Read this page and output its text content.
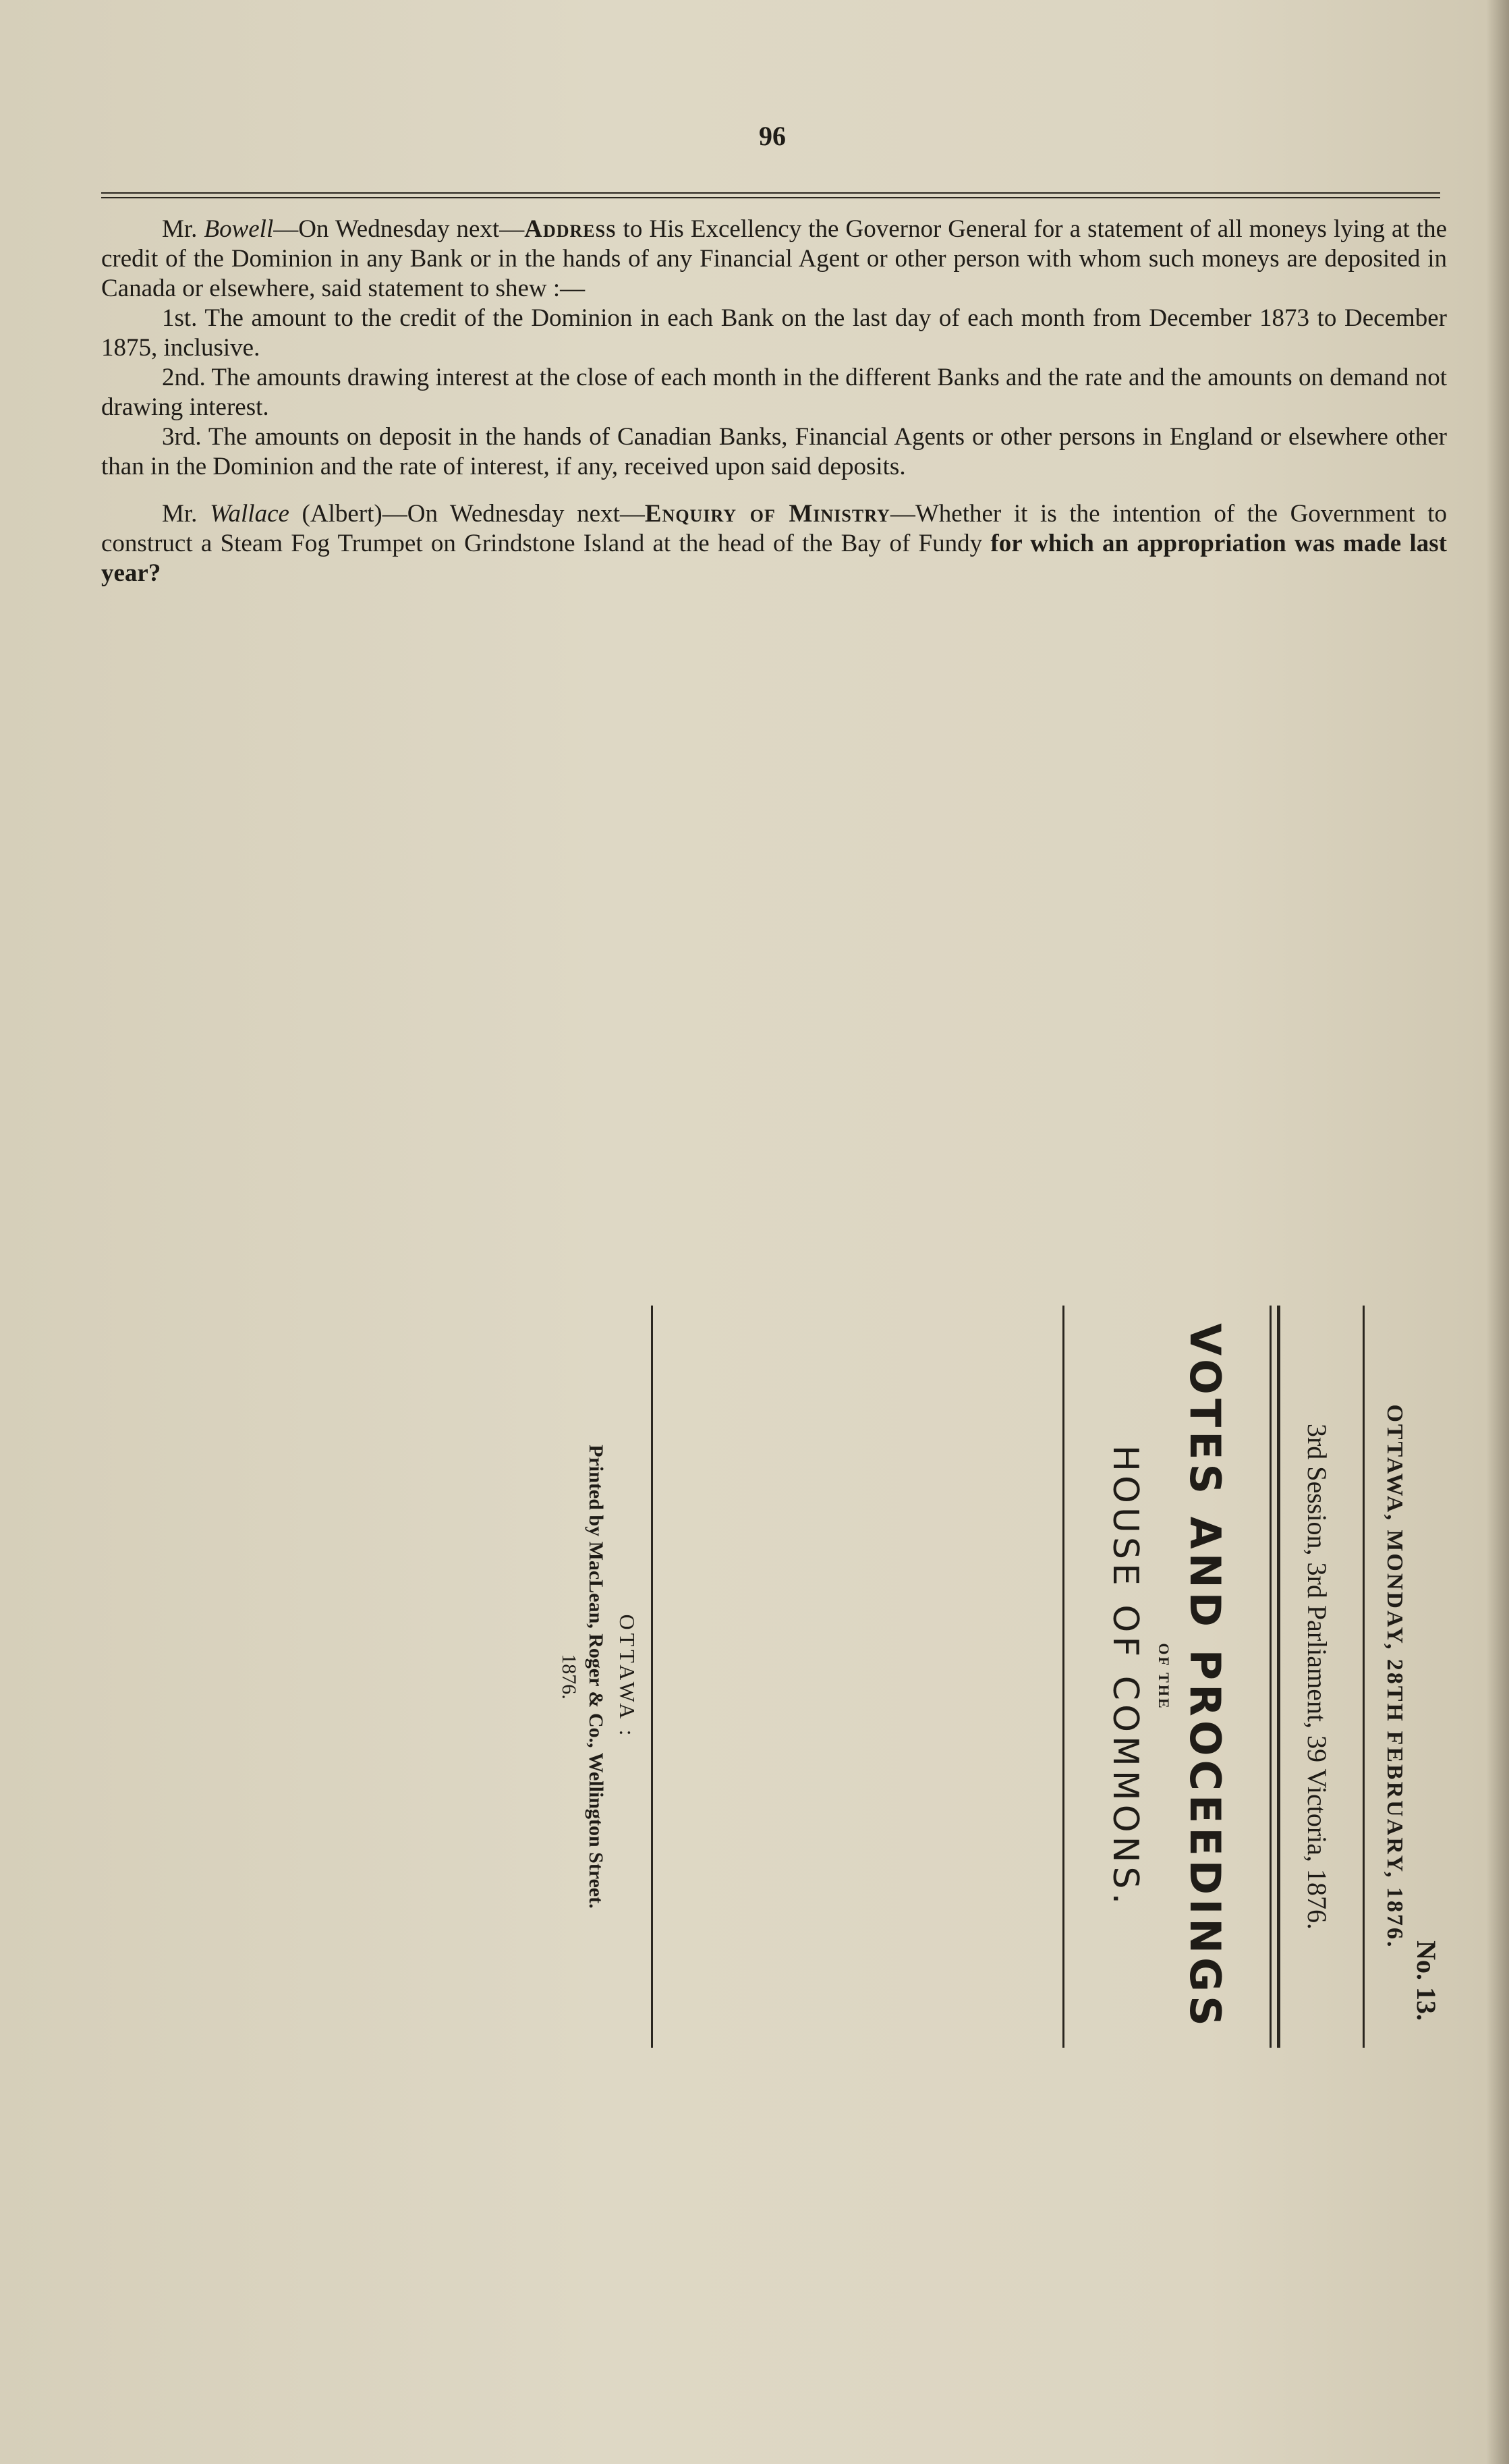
96

Mr. Bowell—On Wednesday next—Address to His Excellency the Governor General for a statement of all moneys lying at the credit of the Dominion in any Bank or in the hands of any Financial Agent or other person with whom such moneys are deposited in Canada or elsewhere, said statement to shew :—

1st. The amount to the credit of the Dominion in each Bank on the last day of each month from December 1873 to December 1875, inclusive.

2nd. The amounts drawing interest at the close of each month in the different Banks and the rate and the amounts on demand not drawing interest.

3rd. The amounts on deposit in the hands of Canadian Banks, Financial Agents or other persons in England or elsewhere other than in the Dominion and the rate of interest, if any, received upon said deposits.

Mr. Wallace (Albert)—On Wednesday next—Enquiry of Ministry—Whether it is the intention of the Government to construct a Steam Fog Trumpet on Grindstone Island at the head of the Bay of Fundy for which an appropriation was made last year?

No. 13.
OTTAWA, MONDAY, 28TH FEBRUARY, 1876.
3rd Session, 3rd Parliament, 39 Victoria, 1876.
VOTES AND PROCEEDINGS
OF THE
HOUSE OF COMMONS.
OTTAWA :
Printed by MacLean, Roger & Co., Wellington Street.
1876.
